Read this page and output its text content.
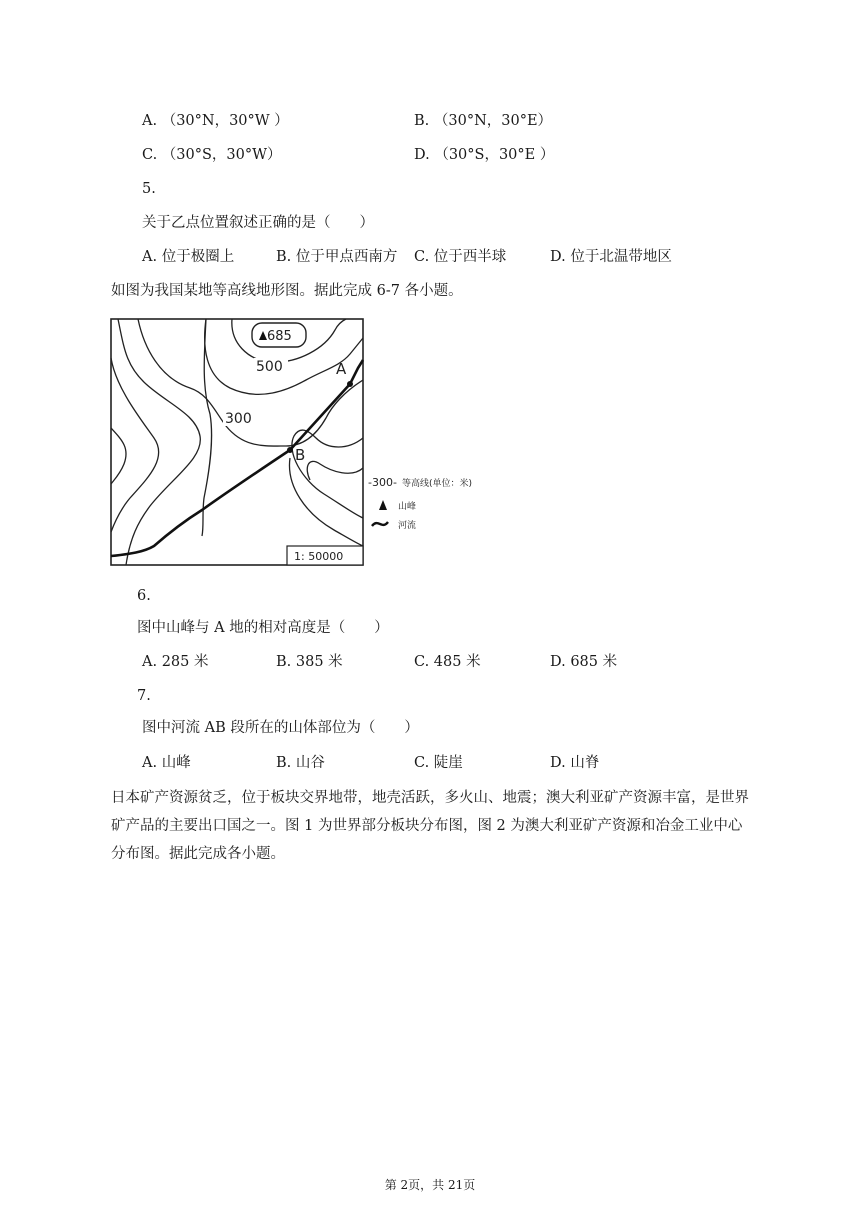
A. （30°N，30°W ）	B. （30°N，30°E）
C. （30°S，30°W）	D. （30°S，30°E ）
5.
关于乙点位置叙述正确的是（　　）
A. 位于极圈上	B. 位于甲点西南方 C. 位于西半球	D. 位于北温带地区
如图为我国某地等高线地形图。据此完成 6-7 各小题。
685
A
B
500
300
1: 50000
-300- 等高线(单位：米)
山峰
河流
6.
图中山峰与 A 地的相对高度是（　　）
A. 285 米	B. 385 米	C. 485 米	D. 685 米
7.
图中河流 AB 段所在的山体部位为（　　）
A. 山峰	B. 山谷	C. 陡崖	D. 山脊
日本矿产资源贫乏，位于板块交界地带，地壳活跃，多火山、地震；澳大利亚矿产资源丰富，是世界矿产品的主要出口国之一。图 1 为世界部分板块分布图，图 2 为澳大利亚矿产资源和冶金工业中心分布图。据此完成各小题。
第 2页，共 21页
